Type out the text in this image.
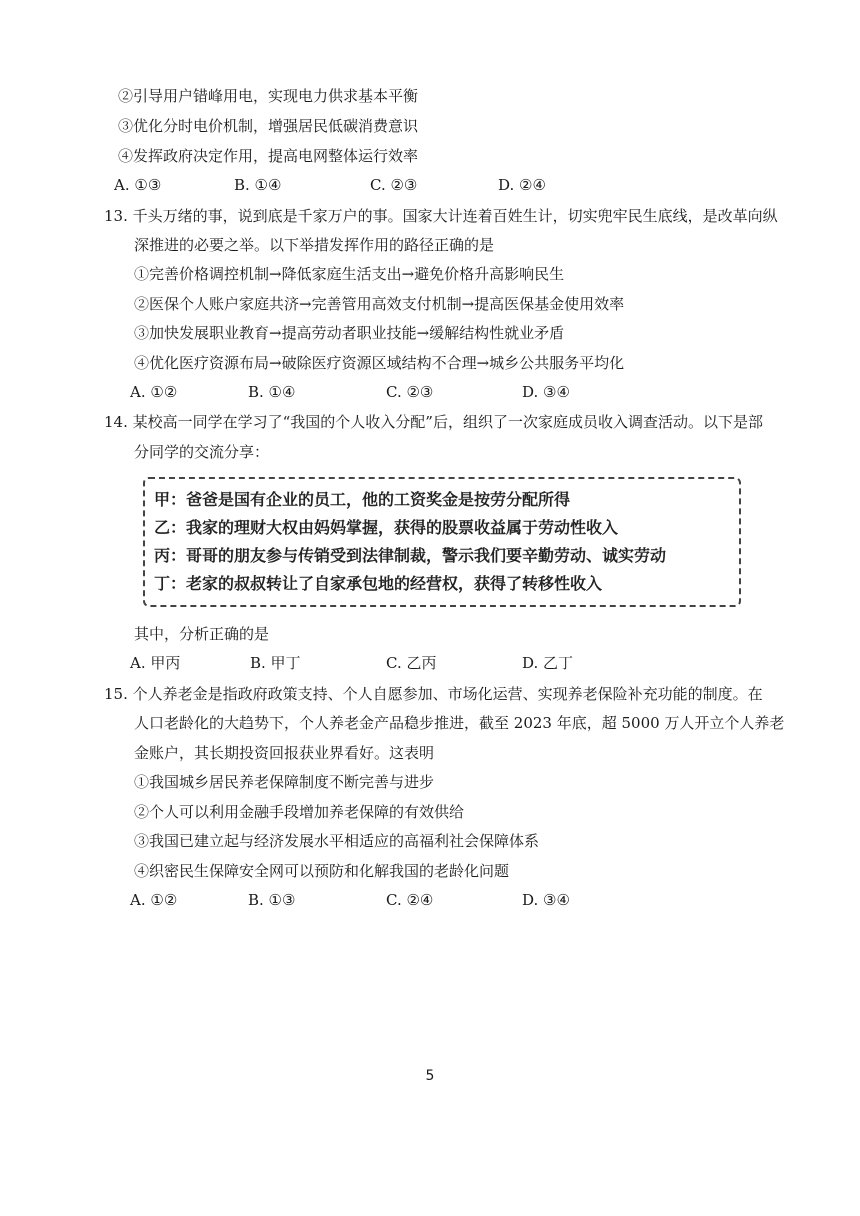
②引导用户错峰用电，实现电力供求基本平衡
③优化分时电价机制，增强居民低碳消费意识
④发挥政府决定作用，提高电网整体运行效率
A. ①③	B. ①④	C. ②③	D. ②④
13. 千头万绪的事，说到底是千家万户的事。国家大计连着百姓生计，切实兜牢民生底线，是改革向纵
深推进的必要之举。以下举措发挥作用的路径正确的是
①完善价格调控机制→降低家庭生活支出→避免价格升高影响民生
②医保个人账户家庭共济→完善管用高效支付机制→提高医保基金使用效率
③加快发展职业教育→提高劳动者职业技能→缓解结构性就业矛盾
④优化医疗资源布局→破除医疗资源区域结构不合理→城乡公共服务平均化
A. ①②	B. ①④	C. ②③	D. ③④
14. 某校高一同学在学习了“我国的个人收入分配”后，组织了一次家庭成员收入调查活动。以下是部
分同学的交流分享：
甲：爸爸是国有企业的员工，他的工资奖金是按劳分配所得
乙：我家的理财大权由妈妈掌握，获得的股票收益属于劳动性收入
丙：哥哥的朋友参与传销受到法律制裁，警示我们要辛勤劳动、诚实劳动
丁：老家的叔叔转让了自家承包地的经营权，获得了转移性收入
其中，分析正确的是
A. 甲丙	B. 甲丁	C. 乙丙	D. 乙丁
15. 个人养老金是指政府政策支持、个人自愿参加、市场化运营、实现养老保险补充功能的制度。在
人口老龄化的大趋势下，个人养老金产品稳步推进，截至 2023 年底，超 5000 万人开立个人养老
金账户，其长期投资回报获业界看好。这表明
①我国城乡居民养老保障制度不断完善与进步
②个人可以利用金融手段增加养老保障的有效供给
③我国已建立起与经济发展水平相适应的高福利社会保障体系
④织密民生保障安全网可以预防和化解我国的老龄化问题
A. ①②	B. ①③	C. ②④	D. ③④
5
